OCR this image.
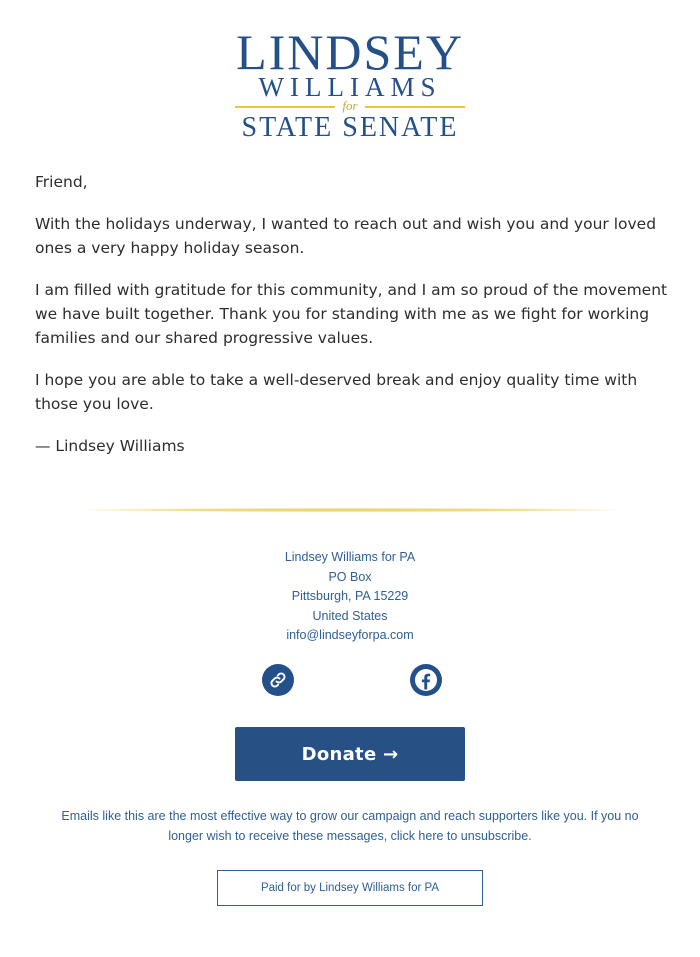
LINDSEY
WILLIAMS
for
STATE SENATE

Friend,

With the holidays underway, I wanted to reach out and wish you and your loved ones a very happy holiday season.

I am filled with gratitude for this community, and I am so proud of the movement we have built together. Thank you for standing with me as we fight for working families and our shared progressive values.

I hope you are able to take a well-deserved break and enjoy quality time with those you love.

— Lindsey Williams

Lindsey Williams for PA
PO Box
Pittsburgh, PA 15229
United States
info@lindseyforpa.com
Donate →
Emails like this are the most effective way to grow our campaign and reach supporters like you. If you no longer wish to receive these messages, click here to unsubscribe.
Paid for by Lindsey Williams for PA
